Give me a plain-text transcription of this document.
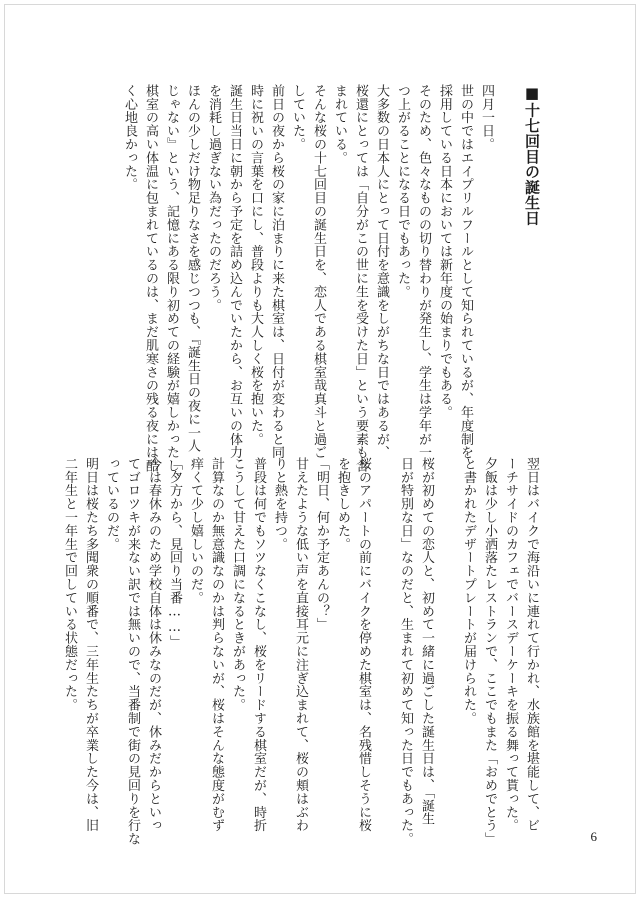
■十七回目の誕生日
四月一日。
世の中ではエイプリルフールとして知られているが、年度制を
採用している日本においては新年度の始まりでもある。
そのため、色々なものの切り替わりが発生し、学生は学年が一
つ上がることになる日でもあった。
大多数の日本人にとって日付を意識をしがちな日ではあるが、
桜還にとっては「自分がこの世に生を受けた日」という要素も含
まれている。
そんな桜の十七回目の誕生日を、恋人である棋室哉真斗と過ご
していた。
前日の夜から桜の家に泊まりに来た棋室は、日付が変わると同
時に祝いの言葉を口にし、普段よりも大人しく桜を抱いた。
誕生日当日に朝から予定を詰め込んでいたから、お互いの体力
を消耗し過ぎない為だったのだろう。
ほんの少しだけ物足りなさを感じつつも、『誕生日の夜に一人
じゃない』という、記憶にある限り初めての経験が嬉しかったし、
棋室の高い体温に包まれているのは、まだ肌寒さの残る夜には酷
く心地良かった。
翌日はバイクで海沿いに連れて行かれ、水族館を堪能して、ビ
ーチサイドのカフェでバースデーケーキを振る舞って貰った。
夕飯は少し小洒落たレストランで、ここでもまた「おめでとう」
と書かれたデザートプレートが届けられた。

桜が初めての恋人と、初めて一緒に過ごした誕生日は、「誕生
日が特別な日」なのだと、生まれて初めて知った日でもあった。

桜のアパートの前にバイクを停めた棋室は、名残惜しそうに桜
を抱きしめた。
「明日、何か予定あんの？」
甘えたような低い声を直接耳元に注ぎ込まれて、桜の頬はぶわ
りと熱を持つ。
普段は何でもソツなくこなし、桜をリードする棋室だが、時折
こうして甘えた口調になるときがあった。
計算なのか無意識なのかは判らないが、桜はそんな態度がむず
痒くて少し嬉しいのだ。
「夕方から、見回り当番……」
今は春休みのため学校自体は休みなのだが、休みだからといっ
てゴロツキが来ない訳では無いので、当番制で街の見回りを行な
っているのだ。
明日は桜たち多聞衆の順番で、三年生たちが卒業した今は、旧
二年生と一年生で回している状態だった。
6
